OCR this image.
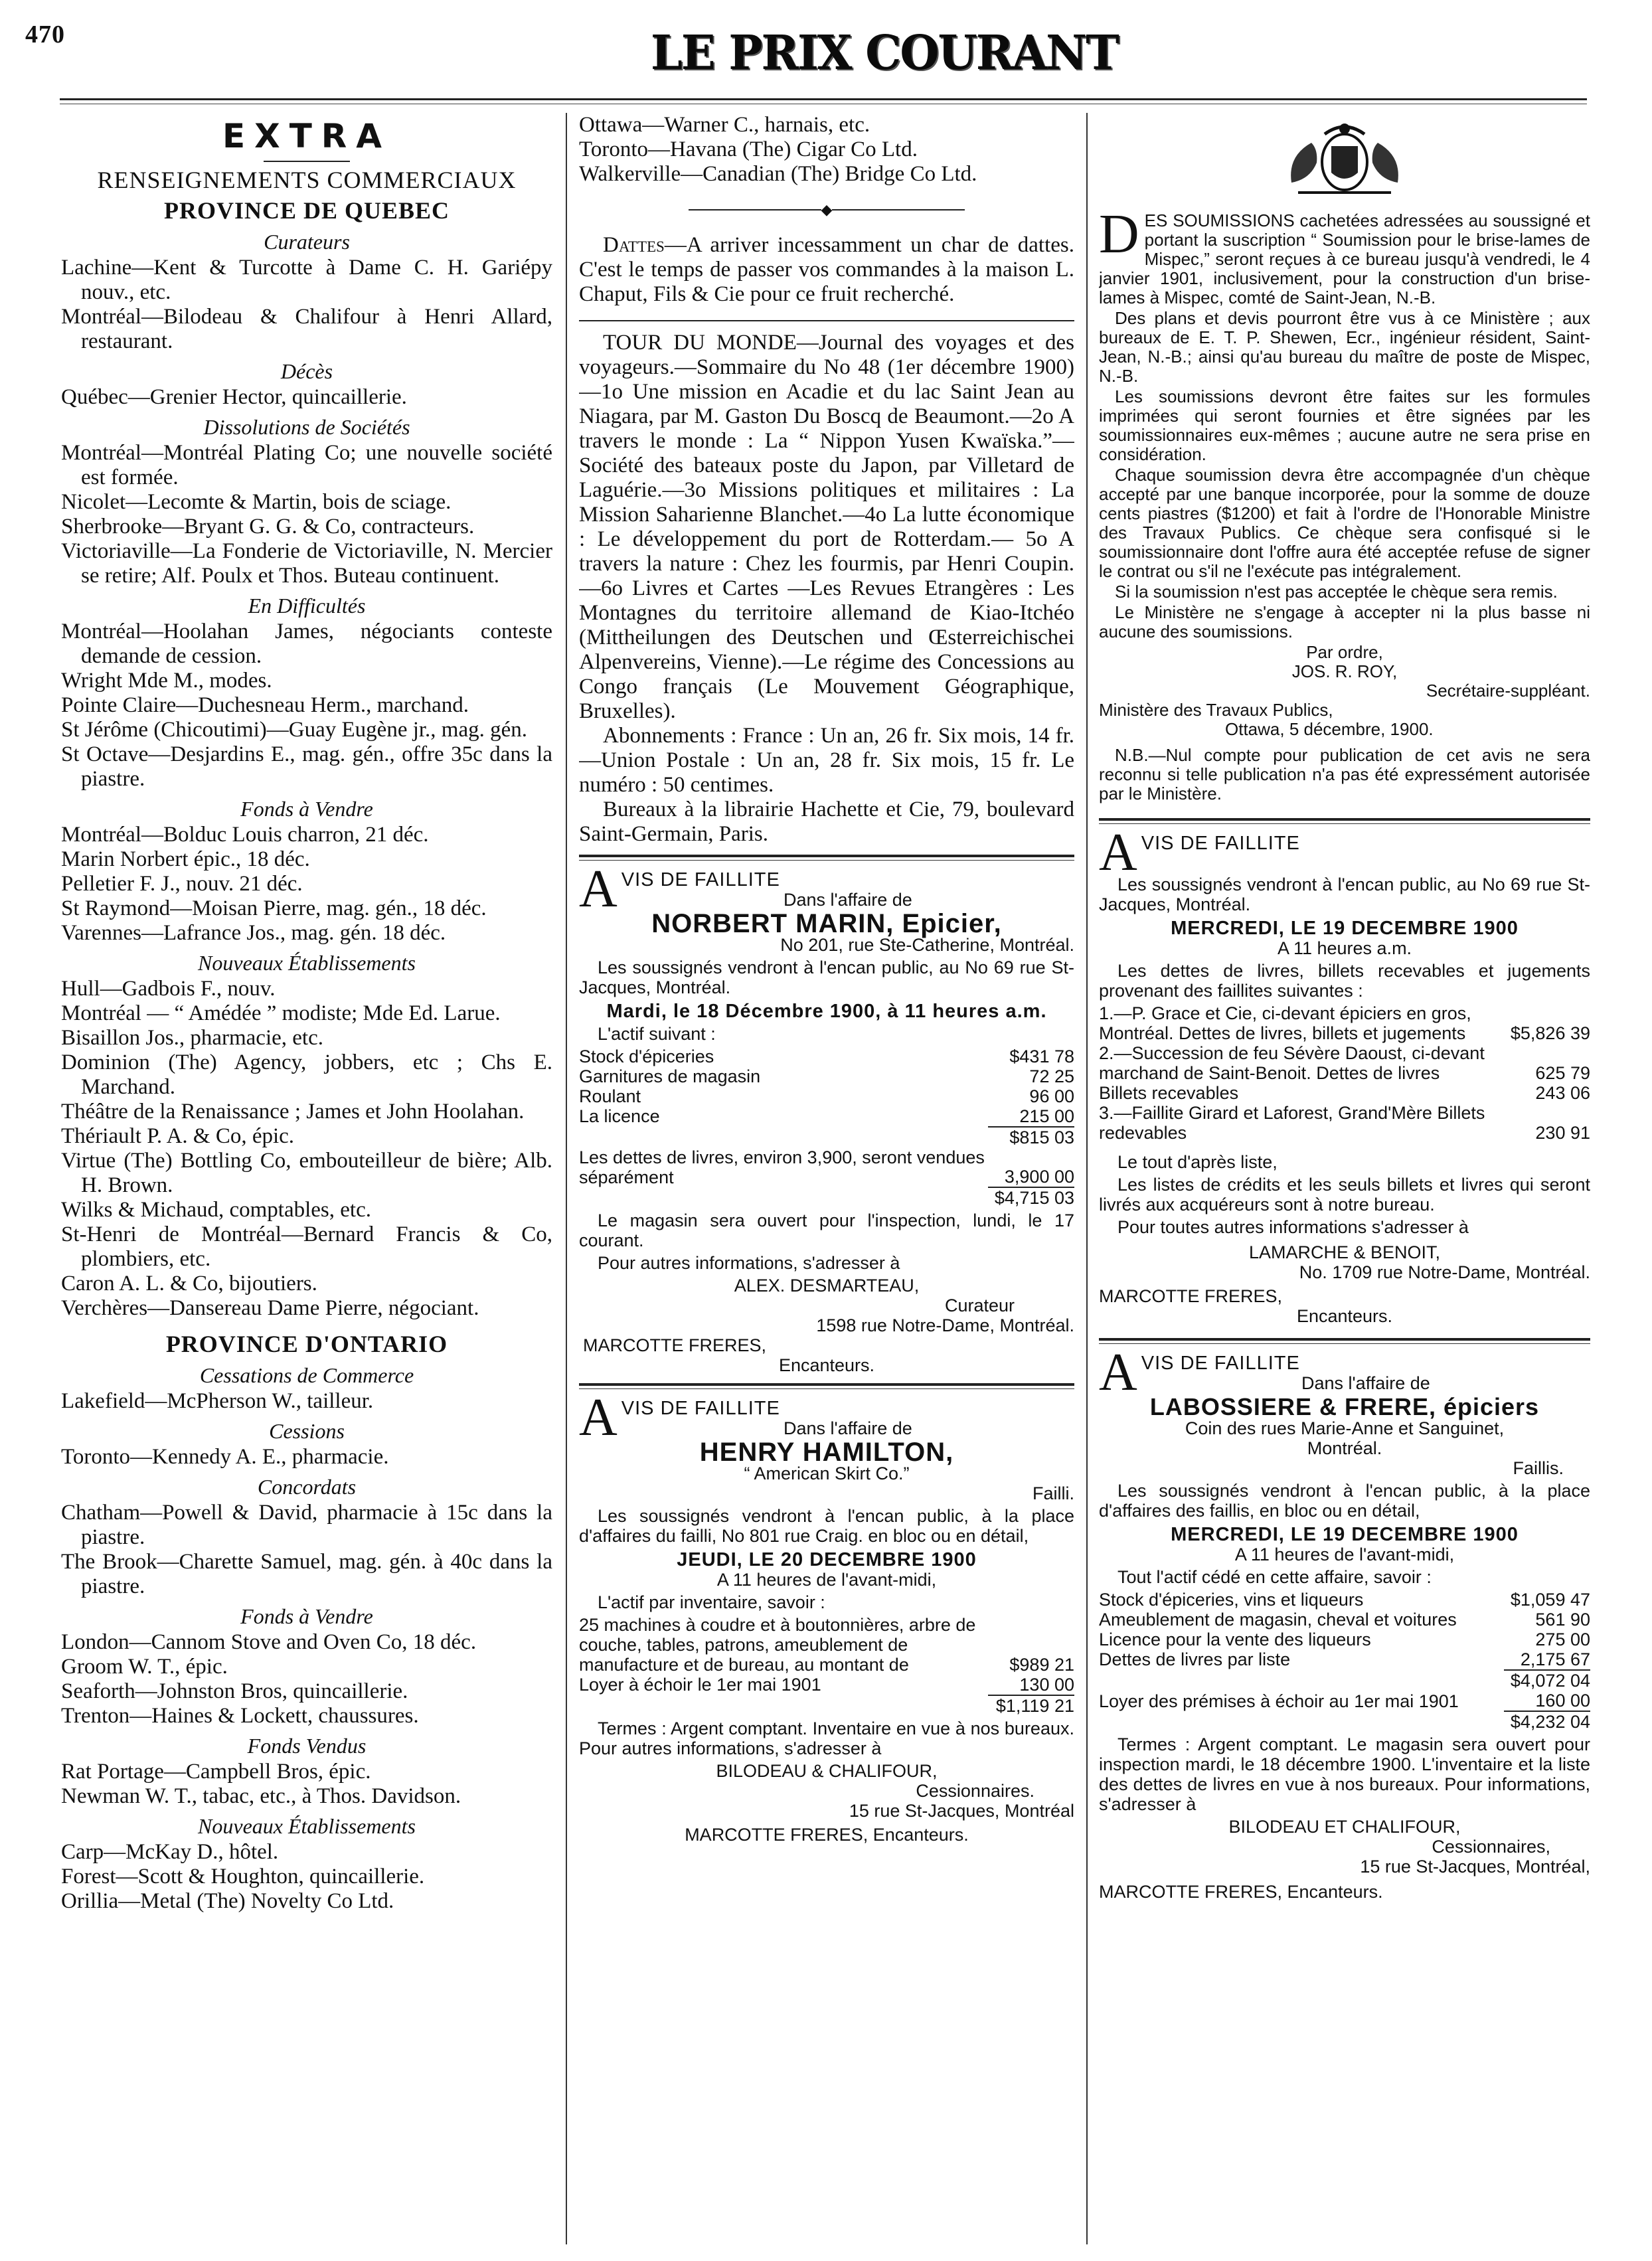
470	LE PRIX COURANT
EXTRA
RENSEIGNEMENTS COMMERCIAUX
PROVINCE DE QUEBEC
Curateurs

Lachine—Kent & Turcotte à Dame C. H. Gariépy nouv., etc.

Montréal—Bilodeau & Chalifour à Henri Allard, restaurant.

Décès

Québec—Grenier Hector, quincaillerie.

Dissolutions de Sociétés

Montréal—Montréal Plating Co; une nouvelle société est formée.

Nicolet—Lecomte & Martin, bois de sciage.

Sherbrooke—Bryant G. G. & Co, contracteurs.

Victoriaville—La Fonderie de Victoriaville, N. Mercier se retire; Alf. Poulx et Thos. Buteau continuent.

En Difficultés

Montréal—Hoolahan James, négociants conteste demande de cession.

Wright Mde M., modes.

Pointe Claire—Duchesneau Herm., marchand.

St Jérôme (Chicoutimi)—Guay Eugène jr., mag. gén.

St Octave—Desjardins E., mag. gén., offre 35c dans la piastre.

Fonds à Vendre

Montréal—Bolduc Louis charron, 21 déc.

Marin Norbert épic., 18 déc.

Pelletier F. J., nouv. 21 déc.

St Raymond—Moisan Pierre, mag. gén., 18 déc.

Varennes—Lafrance Jos., mag. gén. 18 déc.

Nouveaux Établissements

Hull—Gadbois F., nouv.

Montréal — “ Amédée ” modiste; Mde Ed. Larue.

Bisaillon Jos., pharmacie, etc.

Dominion (The) Agency, jobbers, etc ; Chs E. Marchand.

Théâtre de la Renaissance ; James et John Hoolahan.

Thériault P. A. & Co, épic.

Virtue (The) Bottling Co, embouteilleur de bière; Alb. H. Brown.

Wilks & Michaud, comptables, etc.

St-Henri de Montréal—Bernard Francis & Co, plombiers, etc.

Caron A. L. & Co, bijoutiers.

Verchères—Dansereau Dame Pierre, négociant.

PROVINCE D'ONTARIO
Cessations de Commerce

Lakefield—McPherson W., tailleur.

Cessions

Toronto—Kennedy A. E., pharmacie.

Concordats

Chatham—Powell & David, pharmacie à 15c dans la piastre.

The Brook—Charette Samuel, mag. gén. à 40c dans la piastre.

Fonds à Vendre

London—Cannom Stove and Oven Co, 18 déc.

Groom W. T., épic.

Seaforth—Johnston Bros, quincaillerie.

Trenton—Haines & Lockett, chaussures.

Fonds Vendus

Rat Portage—Campbell Bros, épic.

Newman W. T., tabac, etc., à Thos. Davidson.

Nouveaux Établissements

Carp—McKay D., hôtel.

Forest—Scott & Houghton, quincaillerie.

Orillia—Metal (The) Novelty Co Ltd.

Ottawa—Warner C., harnais, etc.

Toronto—Havana (The) Cigar Co Ltd.

Walkerville—Canadian (The) Bridge Co Ltd.

◆

Dattes—A arriver incessamment un char de dattes. C'est le temps de passer vos commandes à la maison L. Chaput, Fils & Cie pour ce fruit recherché.

TOUR DU MONDE—Journal des voyages et des voyageurs.—Sommaire du No 48 (1er décembre 1900)—1o Une mission en Acadie et du lac Saint Jean au Niagara, par M. Gaston Du Boscq de Beaumont.—2o A travers le monde : La “ Nippon Yusen Kwaïska.”—Société des bateaux poste du Japon, par Villetard de Laguérie.—3o Missions politiques et militaires : La Mission Saharienne Blanchet.—4o La lutte économique : Le développement du port de Rotterdam.— 5o A travers la nature : Chez les fourmis, par Henri Coupin. —6o Livres et Cartes —Les Revues Etrangères : Les Montagnes du territoire allemand de Kiao-Itchéo (Mittheilungen des Deutschen und Œsterreichischei Alpenvereins, Vienne).—Le régime des Concessions au Congo français (Le Mouvement Géographique, Bruxelles).

Abonnements : France : Un an, 26 fr. Six mois, 14 fr.—Union Postale : Un an, 28 fr. Six mois, 15 fr. Le numéro : 50 centimes.

Bureaux à la librairie Hachette et Cie, 79, boulevard Saint-Germain, Paris.

A VIS DE FAILLITE
Dans l'affaire de
NORBERT MARIN, Epicier,
No 201, rue Ste-Catherine, Montréal.

Les soussignés vendront à l'encan public, au No 69 rue St-Jacques, Montréal.

Mardi, le 18 Décembre 1900, à 11 heures a.m.

L'actif suivant :

Stock d'épiceries	$431 78
Garnitures de magasin	72 25
Roulant	96 00
La licence	215 00
	$815 03
Les dettes de livres, environ 3,900, seront vendues séparément	3,900 00
	$4,715 03

Le magasin sera ouvert pour l'inspection, lundi, le 17 courant.

Pour autres informations, s'adresser à

ALEX. DESMARTEAU,
Curateur
1598 rue Notre-Dame, Montréal.
MARCOTTE FRERES,
Encanteurs.
A VIS DE FAILLITE
Dans l'affaire de
HENRY HAMILTON,
“ American Skirt Co.”
Failli.

Les soussignés vendront à l'encan public, à la place d'affaires du failli, No 801 rue Craig. en bloc ou en détail,

JEUDI, LE 20 DECEMBRE 1900
A 11 heures de l'avant-midi,

L'actif par inventaire, savoir :

25 machines à coudre et à boutonnières, arbre de couche, tables, patrons, ameublement de manufacture et de bureau, au montant de	$989 21
Loyer à échoir le 1er mai 1901	130 00
	$1,119 21

Termes : Argent comptant. Inventaire en vue à nos bureaux. Pour autres informations, s'adresser à

BILODEAU & CHALIFOUR,
Cessionnaires.
15 rue St-Jacques, Montréal
MARCOTTE FRERES, Encanteurs.
D ES SOUMISSIONS cachetées adressées au soussigné et portant la suscription “ Soumission pour le brise-lames de Mispec,” seront reçues à ce bureau jusqu'à vendredi, le 4 janvier 1901, inclusivement, pour la construction d'un brise-lames à Mispec, comté de Saint-Jean, N.-B.

Des plans et devis pourront être vus à ce Ministère ; aux bureaux de E. T. P. Shewen, Ecr., ingénieur résident, Saint-Jean, N.-B.; ainsi qu'au bureau du maître de poste de Mispec, N.-B.

Les soumissions devront être faites sur les formules imprimées qui seront fournies et être signées par les soumissionnaires eux-mêmes ; aucune autre ne sera prise en considération.

Chaque soumission devra être accompagnée d'un chèque accepté par une banque incorporée, pour la somme de douze cents piastres ($1200) et fait à l'ordre de l'Honorable Ministre des Travaux Publics. Ce chèque sera confisqué si le soumissionnaire dont l'offre aura été acceptée refuse de signer le contrat ou s'il ne l'exécute pas intégralement.

Si la soumission n'est pas acceptée le chèque sera remis.

Le Ministère ne s'engage à accepter ni la plus basse ni aucune des soumissions.

Par ordre,
JOS. R. ROY,
Secrétaire-suppléant.
Ministère des Travaux Publics,
Ottawa, 5 décembre, 1900.

N.B.—Nul compte pour publication de cet avis ne sera reconnu si telle publication n'a pas été expressément autorisée par le Ministère.

A VIS DE FAILLITE

Les soussignés vendront à l'encan public, au No 69 rue St-Jacques, Montréal.

MERCREDI, LE 19 DECEMBRE 1900
A 11 heures a.m.

Les dettes de livres, billets recevables et jugements provenant des faillites suivantes :

1.—P. Grace et Cie, ci-devant épiciers en gros, Montréal. Dettes de livres, billets et jugements	$5,826 39
2.—Succession de feu Sévère Daoust, ci-devant marchand de Saint-Benoit. Dettes de livres	625 79
Billets recevables	243 06
3.—Faillite Girard et Laforest, Grand'Mère Billets redevables	230 91

Le tout d'après liste,

Les listes de crédits et les seuls billets et livres qui seront livrés aux acquéreurs sont à notre bureau.

Pour toutes autres informations s'adresser à

LAMARCHE & BENOIT,
No. 1709 rue Notre-Dame, Montréal.
MARCOTTE FRERES,
Encanteurs.
A VIS DE FAILLITE
Dans l'affaire de
LABOSSIERE & FRERE, épiciers
Coin des rues Marie-Anne et Sanguinet,
Montréal.
Faillis.

Les soussignés vendront à l'encan public, à la place d'affaires des faillis, en bloc ou en détail,

MERCREDI, LE 19 DECEMBRE 1900
A 11 heures de l'avant-midi,

Tout l'actif cédé en cette affaire, savoir :

Stock d'épiceries, vins et liqueurs	$1,059 47
Ameublement de magasin, cheval et voitures	561 90
Licence pour la vente des liqueurs	275 00
Dettes de livres par liste	2,175 67
	$4,072 04
Loyer des prémises à échoir au 1er mai 1901	160 00
	$4,232 04

Termes : Argent comptant. Le magasin sera ouvert pour inspection mardi, le 18 décembre 1900. L'inventaire et la liste des dettes de livres en vue à nos bureaux. Pour informations, s'adresser à

BILODEAU ET CHALIFOUR,
Cessionnaires,
15 rue St-Jacques, Montréal,
MARCOTTE FRERES, Encanteurs.
